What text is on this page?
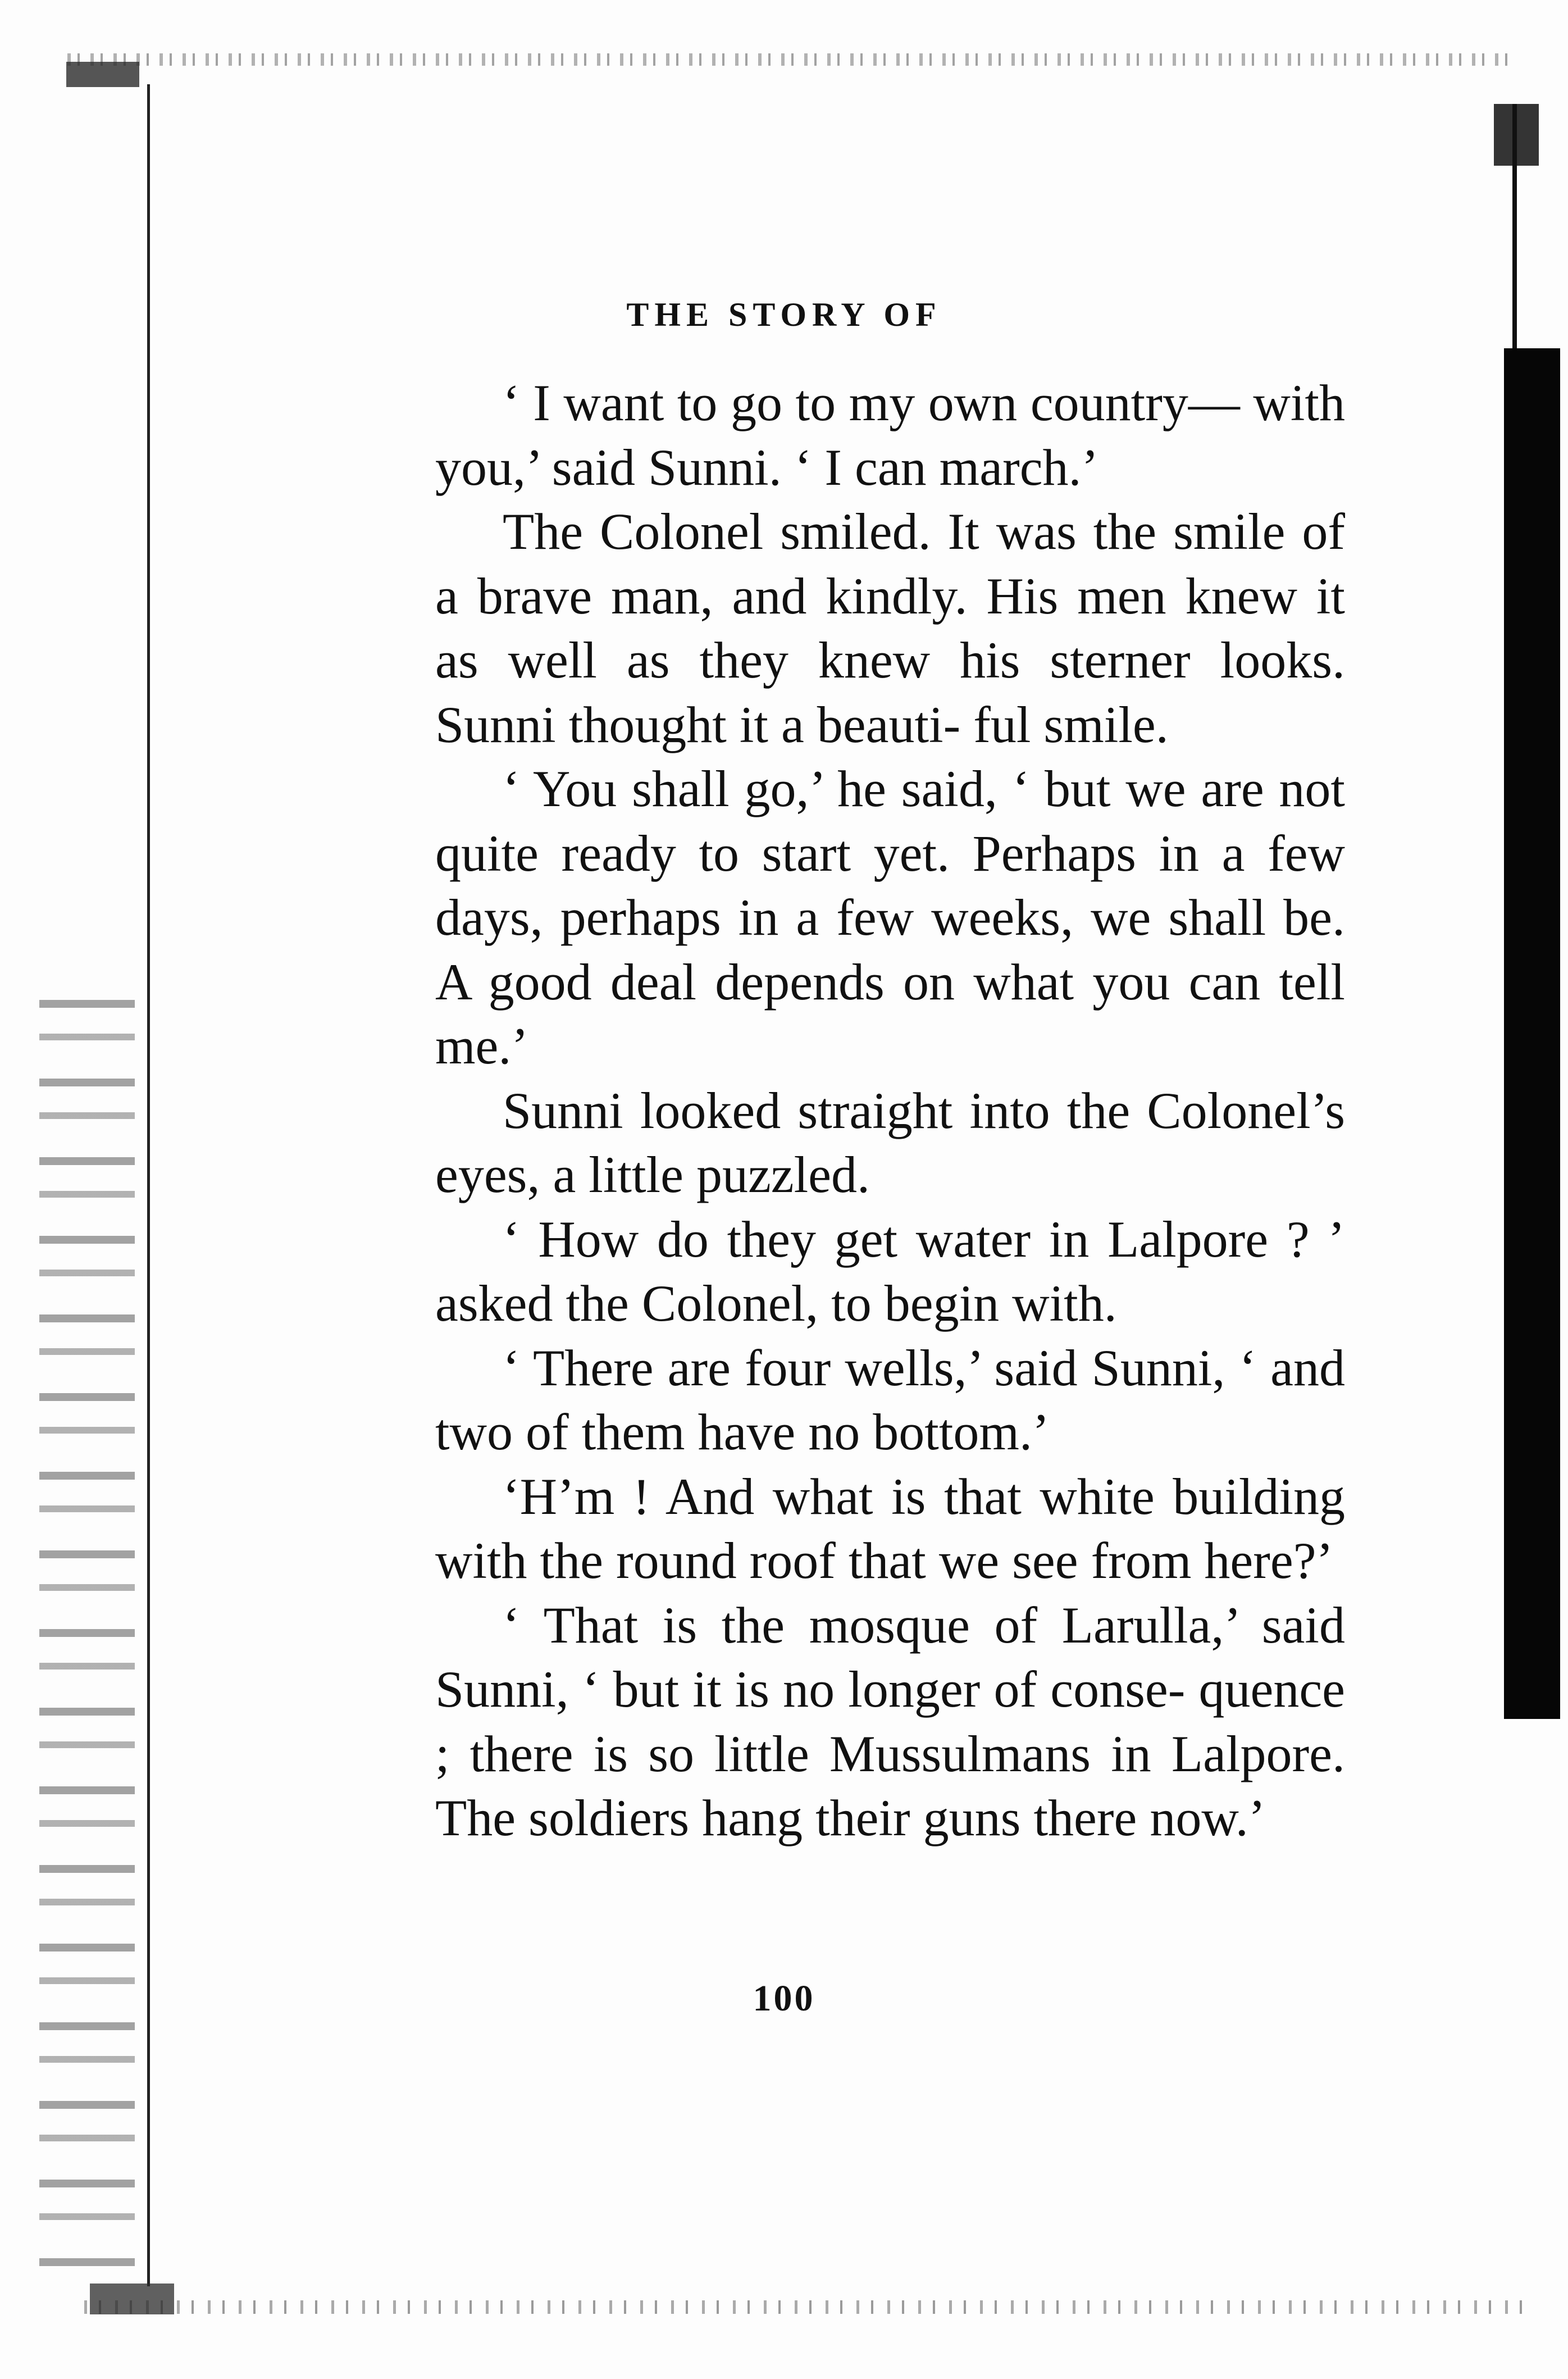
THE STORY OF

‘ I want to go to my own country— with you,’ said Sunni. ‘ I can march.’

The Colonel smiled. It was the smile of a brave man, and kindly. His men knew it as well as they knew his sterner looks. Sunni thought it a beauti- ful smile.

‘ You shall go,’ he said, ‘ but we are not quite ready to start yet. Perhaps in a few days, perhaps in a few weeks, we shall be. A good deal depends on what you can tell me.’

Sunni looked straight into the Colonel’s eyes, a little puzzled.

‘ How do they get water in Lalpore ? ’ asked the Colonel, to begin with.

‘ There are four wells,’ said Sunni, ‘ and two of them have no bottom.’

‘H’m ! And what is that white building with the round roof that we see from here?’

‘ That is the mosque of Larulla,’ said Sunni, ‘ but it is no longer of conse- quence ; there is so little Mussulmans in Lalpore. The soldiers hang their guns there now.’

100
